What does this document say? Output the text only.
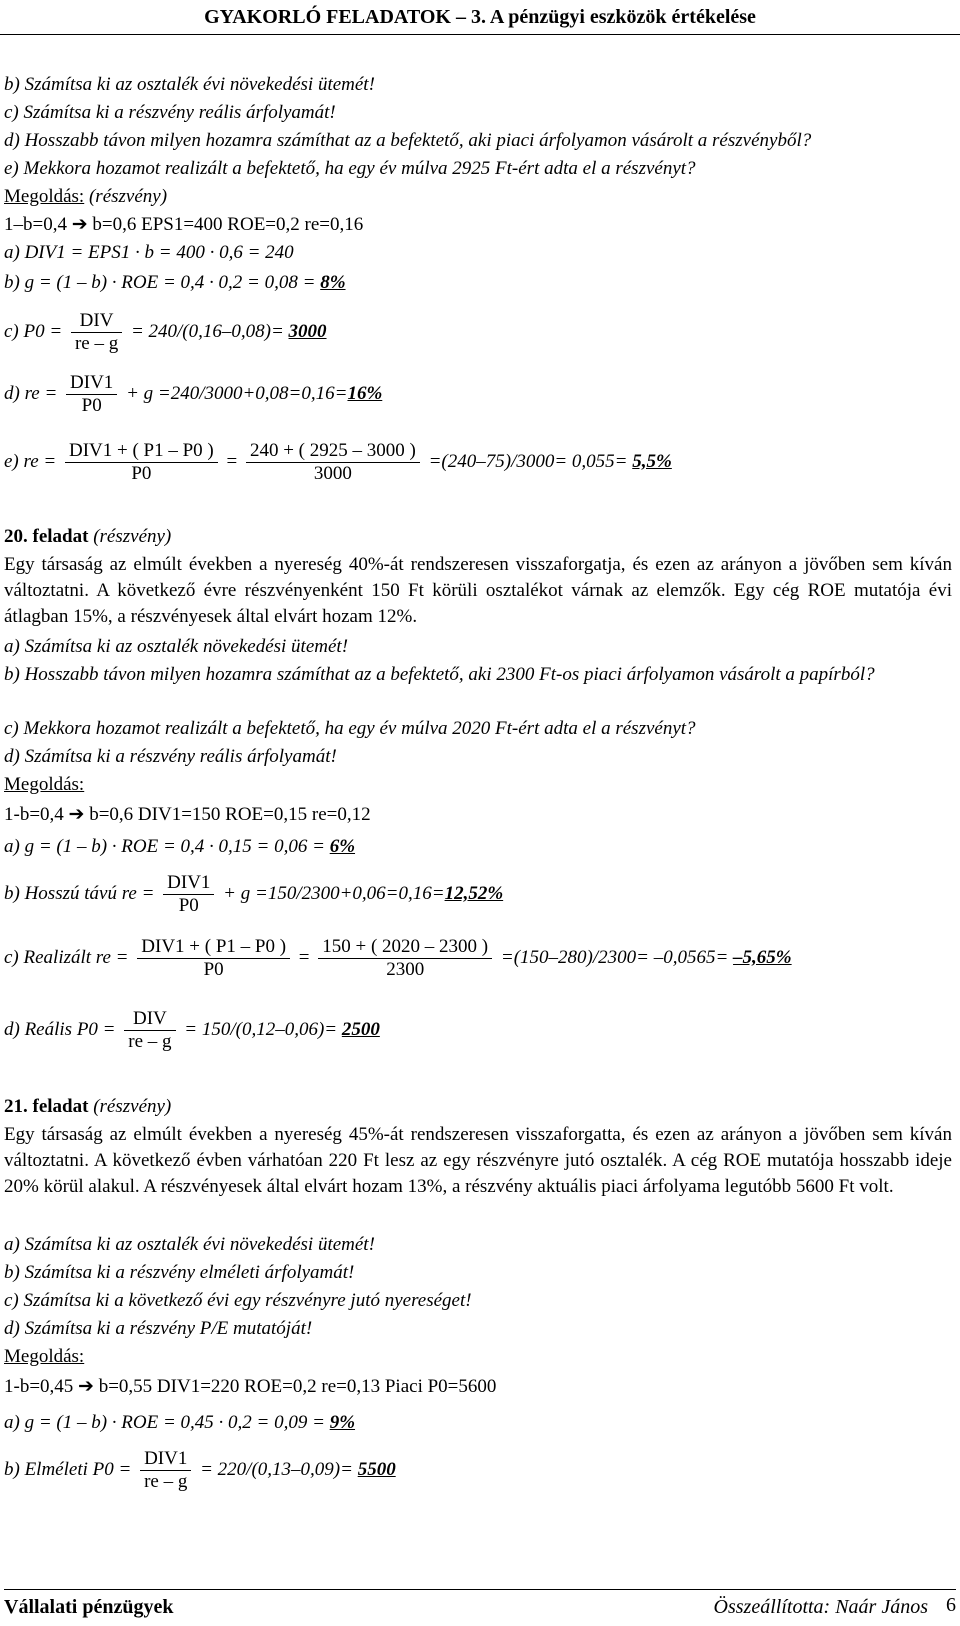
GYAKORLÓ FELADATOK – 3. A pénzügyi eszközök értékelése
b) Számítsa ki az osztalék évi növekedési ütemét!
c) Számítsa ki a részvény reális árfolyamát!
d) Hosszabb távon milyen hozamra számíthat az a befektető, aki piaci árfolyamon vásárolt a részvényből?
e) Mekkora hozamot realizált a befektető, ha egy év múlva 2925 Ft-ért adta el a részvényt?
Megoldás: (részvény)
1–b=0,4 ➔ b=0,6 EPS1=400 ROE=0,2 re=0,16
a) DIV1 = EPS1 · b = 400 · 0,6 = 240
b) g = (1 – b) · ROE = 0,4 · 0,2 = 0,08 = 8%
c) $P0 = \frac{\text{DIV}}{re - g} = 240/(0,16-0,08)= 3000$
d) re = $\frac{\text{DIV1}}{P0} + g =240/3000+0,08=0,16=16\%$
e) re = $\frac{\text{DIV1 + ( P1 – P0 )}}{P0} = \frac{240 + ( 2925 - 3000 )}{3000} =(240-75)/3000= 0,055= 5,5\%$
20. feladat (részvény)
Egy társaság az elmúlt években a nyereség 40%-át rendszeresen visszaforgatja, és ezen az arányon a jövőben sem kíván változtatni. A következő évre részvényenként 150 Ft körüli osztalékot várnak az elemzők. Egy cég ROE mutatója évi átlagban 15%, a részvényesek által elvárt hozam 12%.
a) Számítsa ki az osztalék növekedési ütemét!
b) Hosszabb távon milyen hozamra számíthat az a befektető, aki 2300 Ft-os piaci árfolyamon vásárolt a papírból?
c) Mekkora hozamot realizált a befektető, ha egy év múlva 2020 Ft-ért adta el a részvényt?
d) Számítsa ki a részvény reális árfolyamát!
Megoldás:
1-b=0,4 ➔ b=0,6 DIV1=150 ROE=0,15 re=0,12
a) g = (1 – b) · ROE = 0,4 · 0,15 = 0,06 = 6%
b) Hosszú távú re = $\frac{\text{DIV1}}{P0} + g =150/2300+0,06=0,16=12,52\%$
c) Realizált re = $\frac{\text{DIV1 + ( P1 – P0 )}}{P0} = \frac{150 + ( 2020 - 2300 )}{2300} =(150-280)/2300= -0,0565= -5,65\%$
d) Reális $P0 = \frac{\text{DIV}}{re - g} = 150/(0,12-0,06)= 2500$
21. feladat (részvény)
Egy társaság az elmúlt években a nyereség 45%-át rendszeresen visszaforgatta, és ezen az arányon a jövőben sem kíván változtatni. A következő évben várhatóan 220 Ft lesz az egy részvényre jutó osztalék. A cég ROE mutatója hosszabb ideje 20% körül alakul. A részvényesek által elvárt hozam 13%, a részvény aktuális piaci árfolyama legutóbb 5600 Ft volt.
a) Számítsa ki az osztalék évi növekedési ütemét!
b) Számítsa ki a részvény elméleti árfolyamát!
c) Számítsa ki a következő évi egy részvényre jutó nyereséget!
d) Számítsa ki a részvény P/E mutatóját!
Megoldás:
1-b=0,45 ➔ b=0,55 DIV1=220 ROE=0,2 re=0,13 Piaci P0=5600
a) g = (1 – b) · ROE = 0,45 · 0,2 = 0,09 = 9%
b) Elméleti $P0 = \frac{\text{DIV1}}{re - g} = 220/(0,13-0,09)= 5500$
Vállalati pénzügyek	Összeállította: Naár János 6
